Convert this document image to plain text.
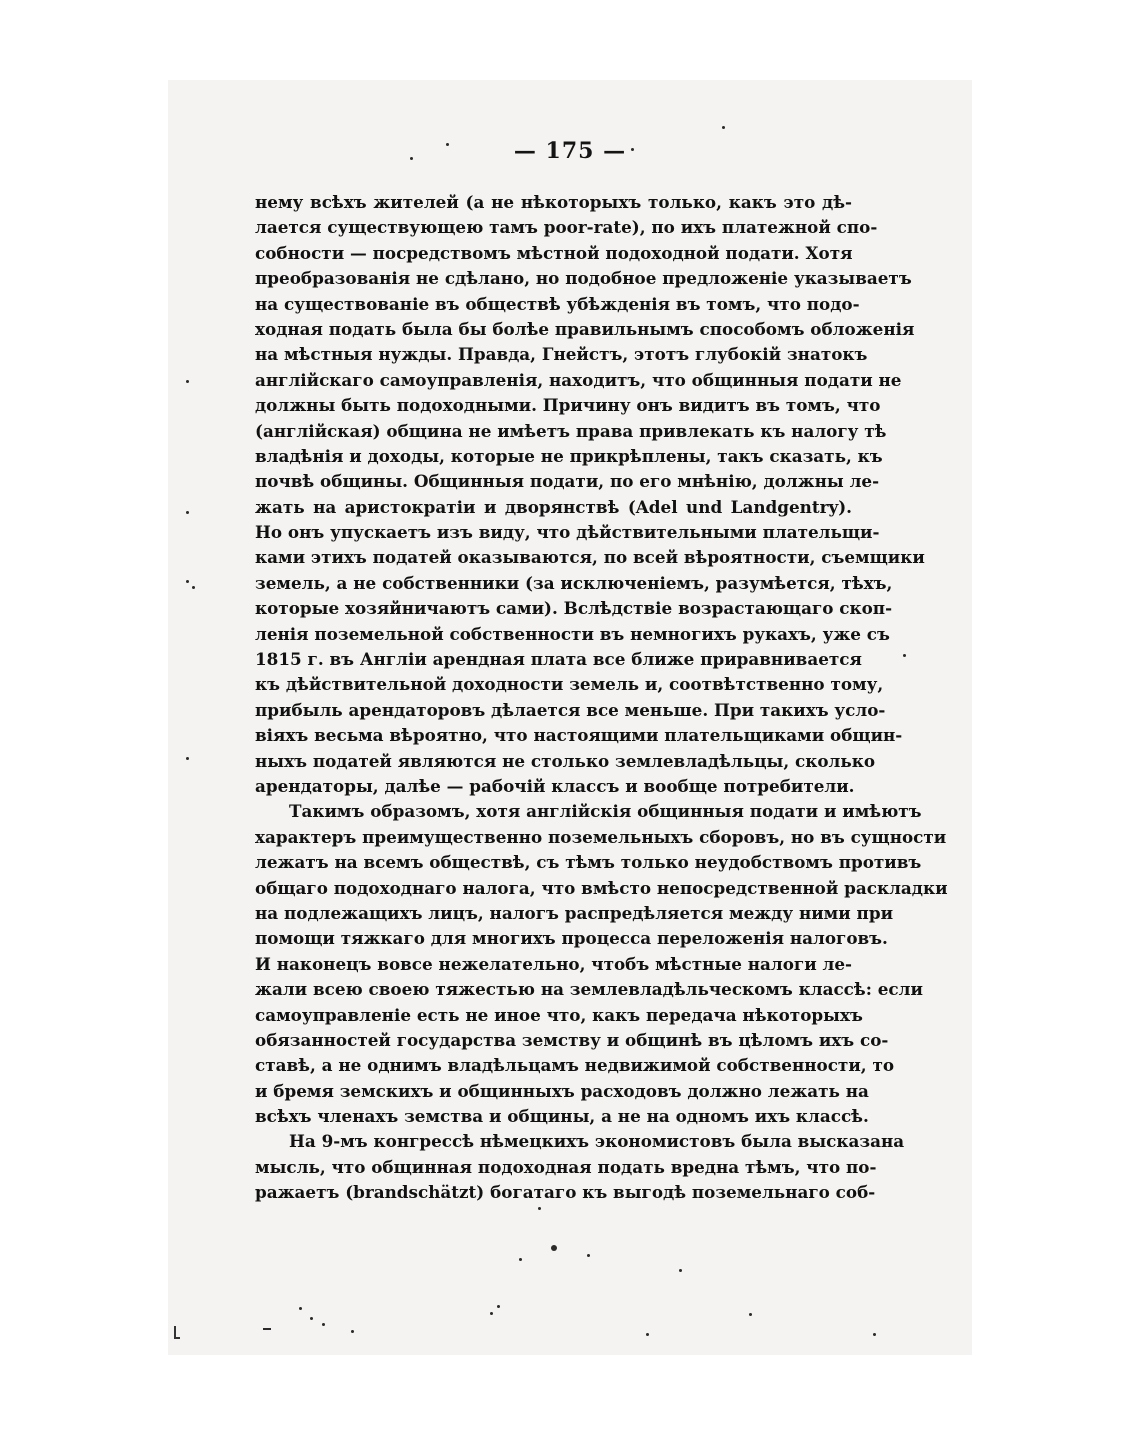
— 175 —
нему всѣхъ жителей (а не нѣкоторыхъ только, какъ это дѣ-
лается существующею тамъ poor-rate), по ихъ платежной спо-
собности — посредствомъ мѣстной подоходной подати. Хотя
преобразованія не сдѣлано, но подобное предложеніе указываетъ
на существованіе въ обществѣ убѣжденія въ томъ, что подо-
ходная подать была бы болѣе правильнымъ способомъ обложенія
на мѣстныя нужды. Правда, Гнейстъ, этотъ глубокій знатокъ
англійскаго самоуправленія, находитъ, что общинныя подати не
должны быть подоходными. Причину онъ видитъ въ томъ, что
(англійская) община не имѣетъ права привлекать къ налогу тѣ
владѣнія и доходы, которые не прикрѣплены, такъ сказать, къ
почвѣ общины. Общинныя подати, по его мнѣнію, должны ле-
жать на аристократіи и дворянствѣ (Adel und Landgentry).
Но онъ упускаетъ изъ виду, что дѣйствительными плательщи-
ками этихъ податей оказываются, по всей вѣроятности, съемщики
земель, а не собственники (за исключеніемъ, разумѣется, тѣхъ,
которые хозяйничаютъ сами). Вслѣдствіе возрастающаго скоп-
ленія поземельной собственности въ немногихъ рукахъ, уже съ
1815 г. въ Англіи арендная плата все ближе приравнивается
къ дѣйствительной доходности земель и, соотвѣтственно тому,
прибыль арендаторовъ дѣлается все меньше. При такихъ усло-
віяхъ весьма вѣроятно, что настоящими плательщиками общин-
ныхъ податей являются не столько землевладѣльцы, сколько
арендаторы, далѣе — рабочій классъ и вообще потребители.
Такимъ образомъ, хотя англійскія общинныя подати и имѣютъ
характеръ преимущественно поземельныхъ сборовъ, но въ сущности
лежатъ на всемъ обществѣ, съ тѣмъ только неудобствомъ противъ
общаго подоходнаго налога, что вмѣсто непосредственной раскладки
на подлежащихъ лицъ, налогъ распредѣляется между ними при
помощи тяжкаго для многихъ процесса переложенія налоговъ.
И наконецъ вовсе нежелательно, чтобъ мѣстные налоги ле-
жали всею своею тяжестью на землевладѣльческомъ классѣ: если
самоуправленіе есть не иное что, какъ передача нѣкоторыхъ
обязанностей государства земству и общинѣ въ цѣломъ ихъ со-
ставѣ, а не однимъ владѣльцамъ недвижимой собственности, то
и бремя земскихъ и общинныхъ расходовъ должно лежать на
всѣхъ членахъ земства и общины, а не на одномъ ихъ классѣ.
На 9-мъ конгрессѣ нѣмецкихъ экономистовъ была высказана
мысль, что общинная подоходная подать вредна тѣмъ, что по-
ражаетъ (brandschätzt) богатаго къ выгодѣ поземельнаго соб-
